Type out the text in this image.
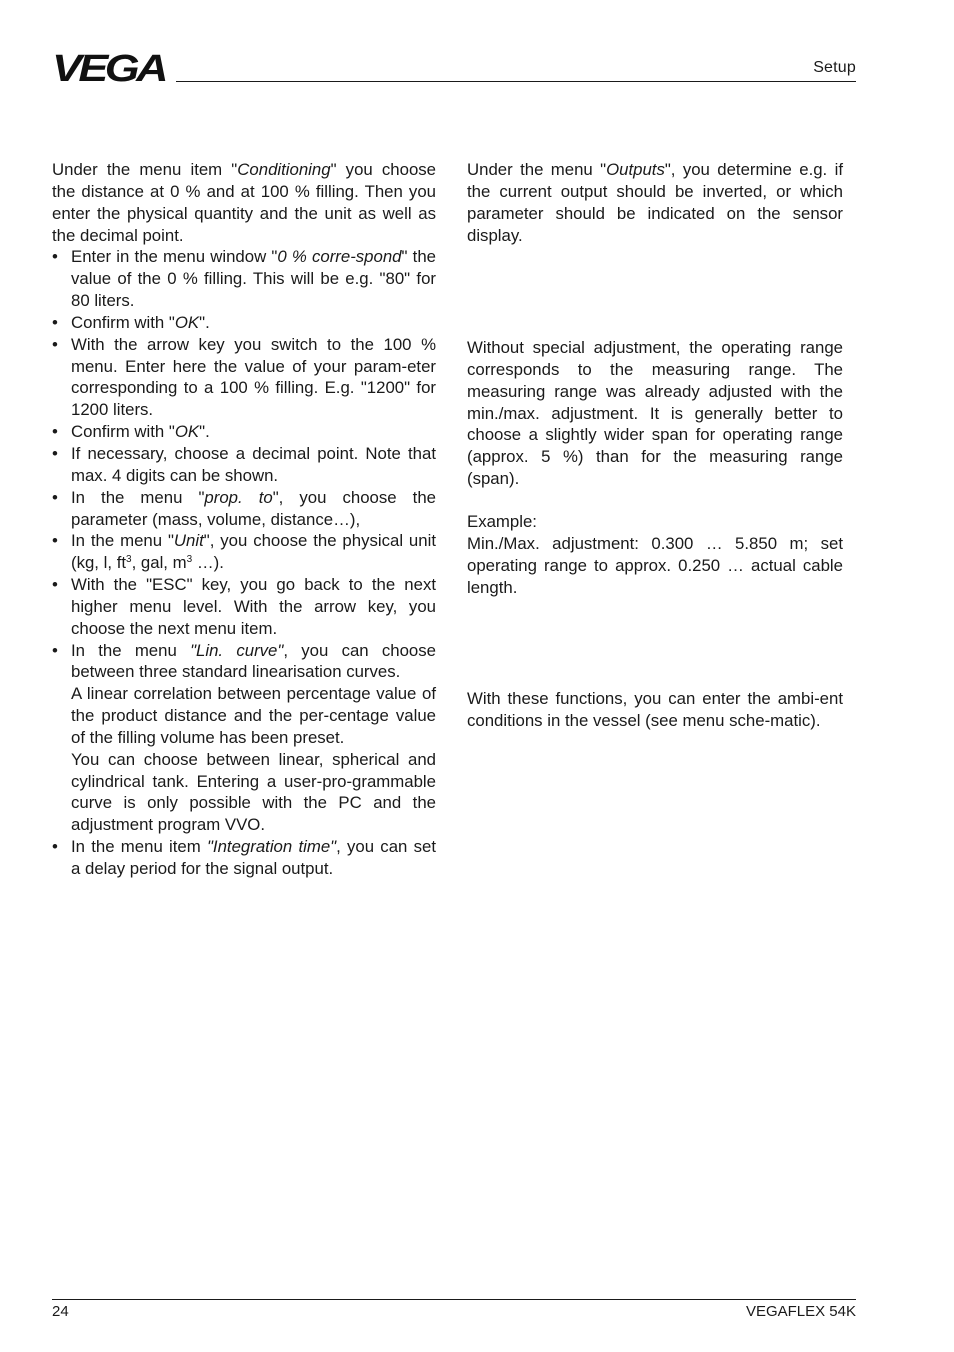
VEGA	Setup

Under the menu item "Conditioning" you choose the distance at 0 % and at 100 % filling. Then you enter the physical quantity and the unit as well as the decimal point.

• Enter in the menu window "0 % corre-spond" the value of the 0 % filling. This will be e.g. "80" for 80 liters.
• Confirm with "OK".
• With the arrow key you switch to the 100 % menu. Enter here the value of your param-eter corresponding to a 100 % filling. E.g. "1200" for 1200 liters.
• Confirm with "OK".
• If necessary, choose a decimal point. Note that max. 4 digits can be shown.
• In the menu "prop. to", you choose the parameter (mass, volume, distance…),
• In the menu "Unit", you choose the physical unit (kg, l, $ft^3$, gal, $m^3$ …).
• With the "ESC" key, you go back to the next higher menu level. With the arrow key, you choose the next menu item.
• In the menu "Lin. curve", you can choose between three standard linearisation curves.
A linear correlation between percentage value of the product distance and the per-centage value of the filling volume has been preset.
You can choose between linear, spherical and cylindrical tank. Entering a user-pro-grammable curve is only possible with the PC and the adjustment program VVO.
• In the menu item "Integration time", you can set a delay period for the signal output.

Under the menu "Outputs", you determine e.g. if the current output should be inverted, or which parameter should be indicated on the sensor display.

Without special adjustment, the operating range corresponds to the measuring range. The measuring range was already adjusted with the min./max. adjustment. It is generally better to choose a slightly wider span for operating range (approx. 5 %) than for the measuring range (span).

Example:

Min./Max. adjustment: 0.300 … 5.850 m; set operating range to approx. 0.250 … actual cable length.

With these functions, you can enter the ambi-ent conditions in the vessel (see menu sche-matic).

24	VEGAFLEX 54K
